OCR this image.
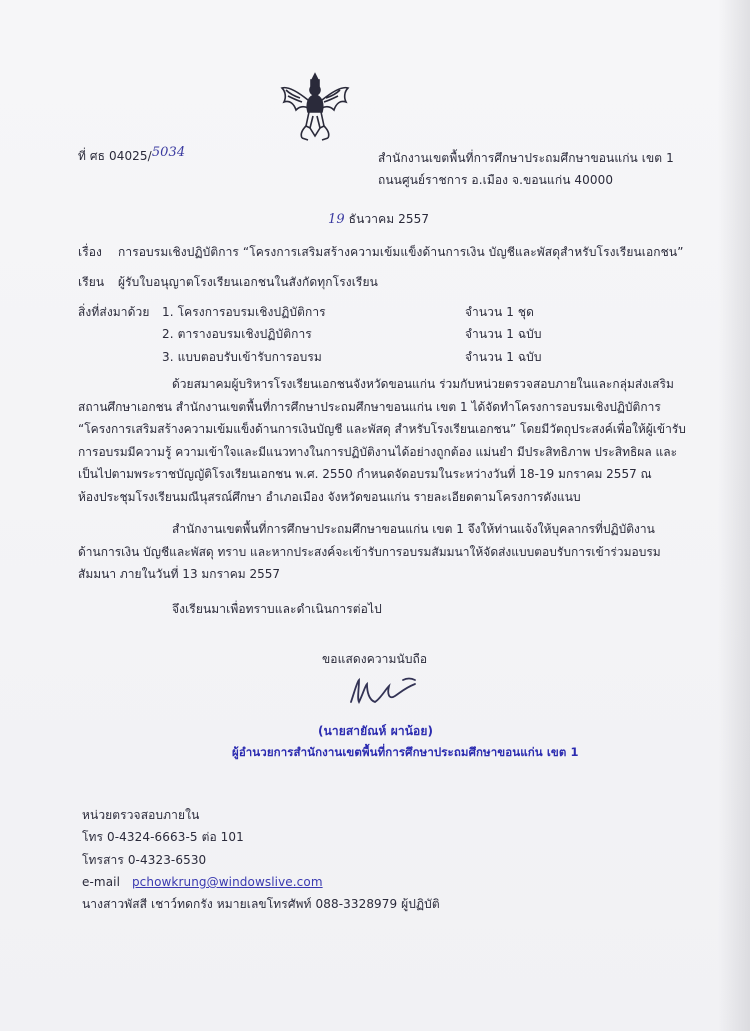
ที่ ศธ 04025/5034	สำนักงานเขตพื้นที่การศึกษาประถมศึกษาขอนแก่น เขต 1
ถนนศูนย์ราชการ อ.เมือง จ.ขอนแก่น 40000
19 ธันวาคม 2557
เรื่อง การอบรมเชิงปฏิบัติการ “โครงการเสริมสร้างความเข้มแข็งด้านการเงิน บัญชีและพัสดุสำหรับโรงเรียนเอกชน”
เรียน ผู้รับใบอนุญาตโรงเรียนเอกชนในสังกัดทุกโรงเรียน
สิ่งที่ส่งมาด้วย 1. โครงการอบรมเชิงปฏิบัติการ	จำนวน 1 ชุด
2. ตารางอบรมเชิงปฏิบัติการ	จำนวน 1 ฉบับ
3. แบบตอบรับเข้ารับการอบรม	จำนวน 1 ฉบับ
ด้วยสมาคมผู้บริหารโรงเรียนเอกชนจังหวัดขอนแก่น ร่วมกับหน่วยตรวจสอบภายในและกลุ่มส่งเสริม
สถานศึกษาเอกชน สำนักงานเขตพื้นที่การศึกษาประถมศึกษาขอนแก่น เขต 1 ได้จัดทำโครงการอบรมเชิงปฏิบัติการ
“โครงการเสริมสร้างความเข้มแข็งด้านการเงินบัญชี และพัสดุ สำหรับโรงเรียนเอกชน” โดยมีวัตถุประสงค์เพื่อให้ผู้เข้ารับ
การอบรมมีความรู้ ความเข้าใจและมีแนวทางในการปฏิบัติงานได้อย่างถูกต้อง แม่นยำ มีประสิทธิภาพ ประสิทธิผล และ
เป็นไปตามพระราชบัญญัติโรงเรียนเอกชน พ.ศ. 2550 กำหนดจัดอบรมในระหว่างวันที่ 18-19 มกราคม 2557 ณ
ห้องประชุมโรงเรียนมณีนุสรณ์ศึกษา อำเภอเมือง จังหวัดขอนแก่น รายละเอียดตามโครงการดังแนบ
สำนักงานเขตพื้นที่การศึกษาประถมศึกษาขอนแก่น เขต 1 จึงให้ท่านแจ้งให้บุคลากรที่ปฏิบัติงาน
ด้านการเงิน บัญชีและพัสดุ ทราบ และหากประสงค์จะเข้ารับการอบรมสัมมนาให้จัดส่งแบบตอบรับการเข้าร่วมอบรม
สัมมนา ภายในวันที่ 13 มกราคม 2557
จึงเรียนมาเพื่อทราบและดำเนินการต่อไป
ขอแสดงความนับถือ
(นายสายัณห์ ผาน้อย)
ผู้อำนวยการสำนักงานเขตพื้นที่การศึกษาประถมศึกษาขอนแก่น เขต 1
หน่วยตรวจสอบภายใน
โทร 0-4324-6663-5 ต่อ 101
โทรสาร 0-4323-6530
e-mail pchowkrung@windowslive.com
นางสาวพัสสี เชาว์ทดกรัง หมายเลขโทรศัพท์ 088-3328979 ผู้ปฏิบัติ
